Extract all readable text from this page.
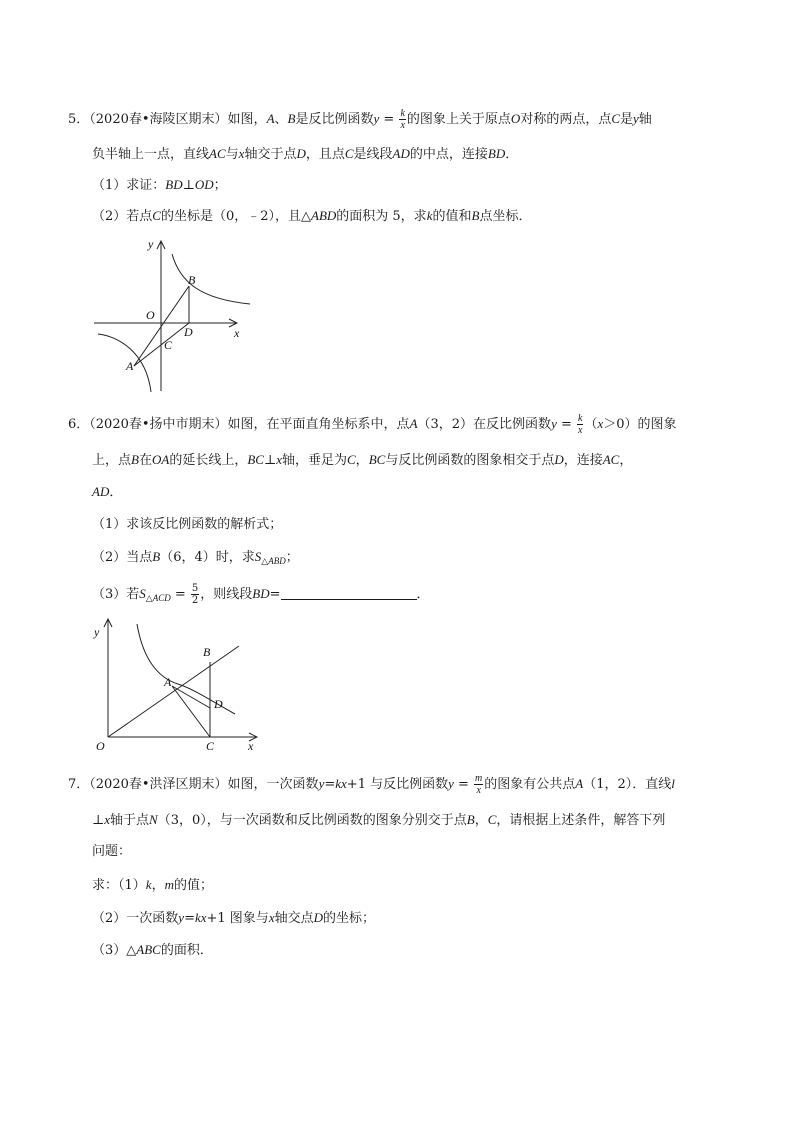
5．（2020春•海陵区期末）如图，A、B是反比例函数$y = \frac{k}{x}$ 的图象上关于原点O对称的两点，点C是y轴
负半轴上一点，直线AC与x轴交于点D，且点C是线段AD的中点，连接BD．
（1）求证：BD⊥OD；
（2）若点C的坐标是（0，﹣2），且△ABD的面积为 5，求k的值和B点坐标．
y
x
O
B
D
C
A
6．（2020春•扬中市期末）如图，在平面直角坐标系中，点A（3，2）在反比例函数$y = \frac{k}{x} (x>0)$的图象
上，点B在OA的延长线上，BC⊥x轴，垂足为C，BC与反比例函数的图象相交于点D，连接AC，
AD．
（1）求该反比例函数的解析式；
（2）当点B（6，4）时，求$S_{\triangle ABD}$；
（3）若$S_{\triangle ACD} = \frac{5}{2}$ ，则线段BD=	．
y
x
O
B
A
D
C
7．（2020春•洪泽区期末）如图，一次函数y=kx+1 与反比例函数$y = \frac{m}{x}$ 的图象有公共点A（1，2）．直线l
⊥x轴于点N（3，0），与一次函数和反比例函数的图象分别交于点B，C，请根据上述条件，解答下列
问题：
求：（1）k，m的值；
（2）一次函数y=kx+1 图象与x轴交点D的坐标；
（3）△ABC的面积．
